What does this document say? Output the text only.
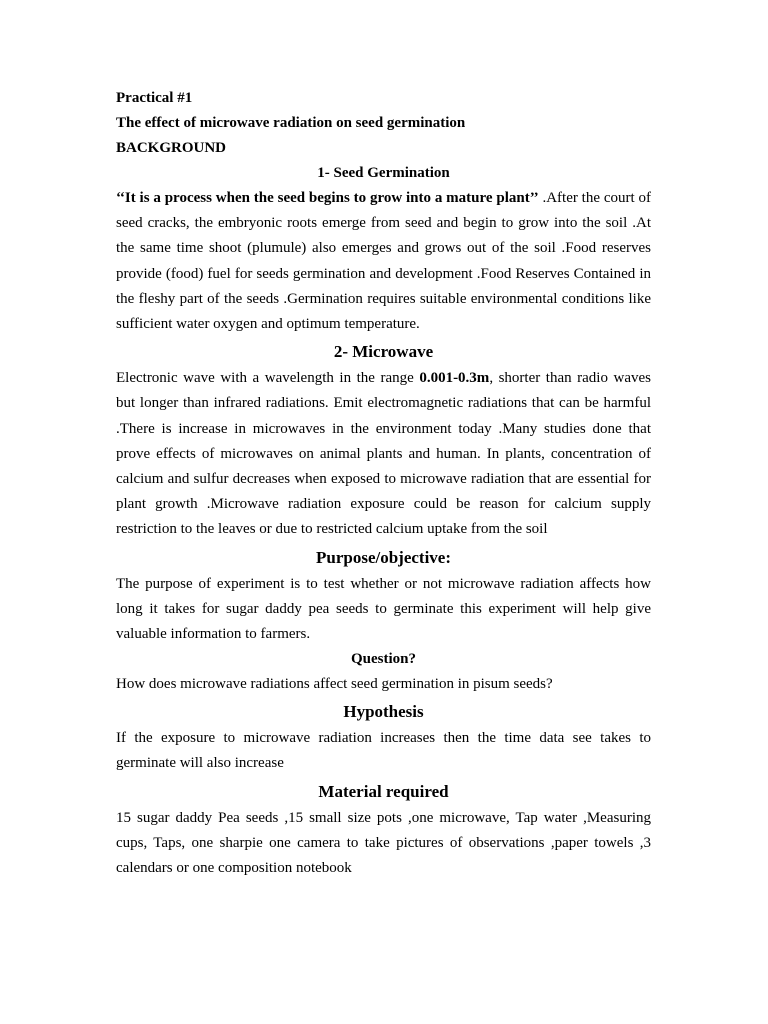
Practical #1
The effect of microwave radiation on seed germination
BACKGROUND
1- Seed Germination

‘‘It is a process when the seed begins to grow into a mature plant’’ .After the court of seed cracks, the embryonic roots emerge from seed and begin to grow into the soil .At the same time shoot (plumule) also emerges and grows out of the soil .Food reserves provide (food) fuel for seeds germination and development .Food Reserves Contained in the fleshy part of the seeds .Germination requires suitable environmental conditions like sufficient water oxygen and optimum temperature.

2- Microwave

Electronic wave with a wavelength in the range 0.001-0.3m, shorter than radio waves but longer than infrared radiations. Emit electromagnetic radiations that can be harmful .There is increase in microwaves in the environment today .Many studies done that prove effects of microwaves on animal plants and human. In plants, concentration of calcium and sulfur decreases when exposed to microwave radiation that are essential for plant growth .Microwave radiation exposure could be reason for calcium supply restriction to the leaves or due to restricted calcium uptake from the soil

Purpose/objective:

The purpose of experiment is to test whether or not microwave radiation affects how long it takes for sugar daddy pea seeds to germinate this experiment will help give valuable information to farmers.

Question?
How does microwave radiations affect seed germination in pisum seeds?
Hypothesis

If the exposure to microwave radiation increases then the time data see takes to germinate will also increase

Material required

15 sugar daddy Pea seeds ,15 small size pots ,one microwave, Tap water ,Measuring cups, Taps, one sharpie one camera to take pictures of observations ,paper towels ,3 calendars or one composition notebook
